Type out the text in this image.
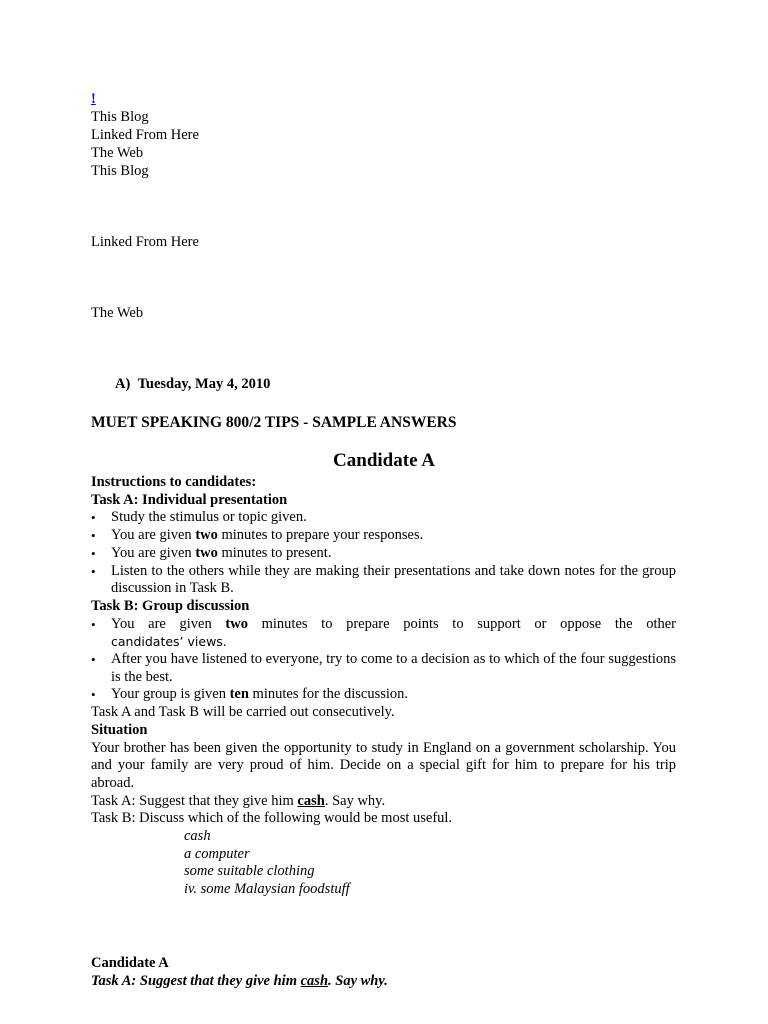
!
This Blog
Linked From Here
The Web
This Blog
Linked From Here
The Web
A) Tuesday, May 4, 2010
MUET SPEAKING 800/2 TIPS - SAMPLE ANSWERS
Candidate A

Instructions to candidates:

Task A: Individual presentation

• Study the stimulus or topic given.
• You are given two minutes to prepare your responses.
• You are given two minutes to present.
• Listen to the others while they are making their presentations and take down notes for the group discussion in Task B.

Task B: Group discussion

• You are given two minutes to prepare points to support or oppose the other
candidates’ views.
• After you have listened to everyone, try to come to a decision as to which of the four suggestions is the best.
• Your group is given ten minutes for the discussion.

Task A and Task B will be carried out consecutively.

Situation

Your brother has been given the opportunity to study in England on a government scholarship. You and your family are very proud of him. Decide on a special gift for him to prepare for his trip abroad.

Task A: Suggest that they give him cash. Say why.

Task B: Discuss which of the following would be most useful.

cash
a computer
some suitable clothing
iv. some Malaysian foodstuff
Candidate A
Task A: Suggest that they give him cash. Say why.
